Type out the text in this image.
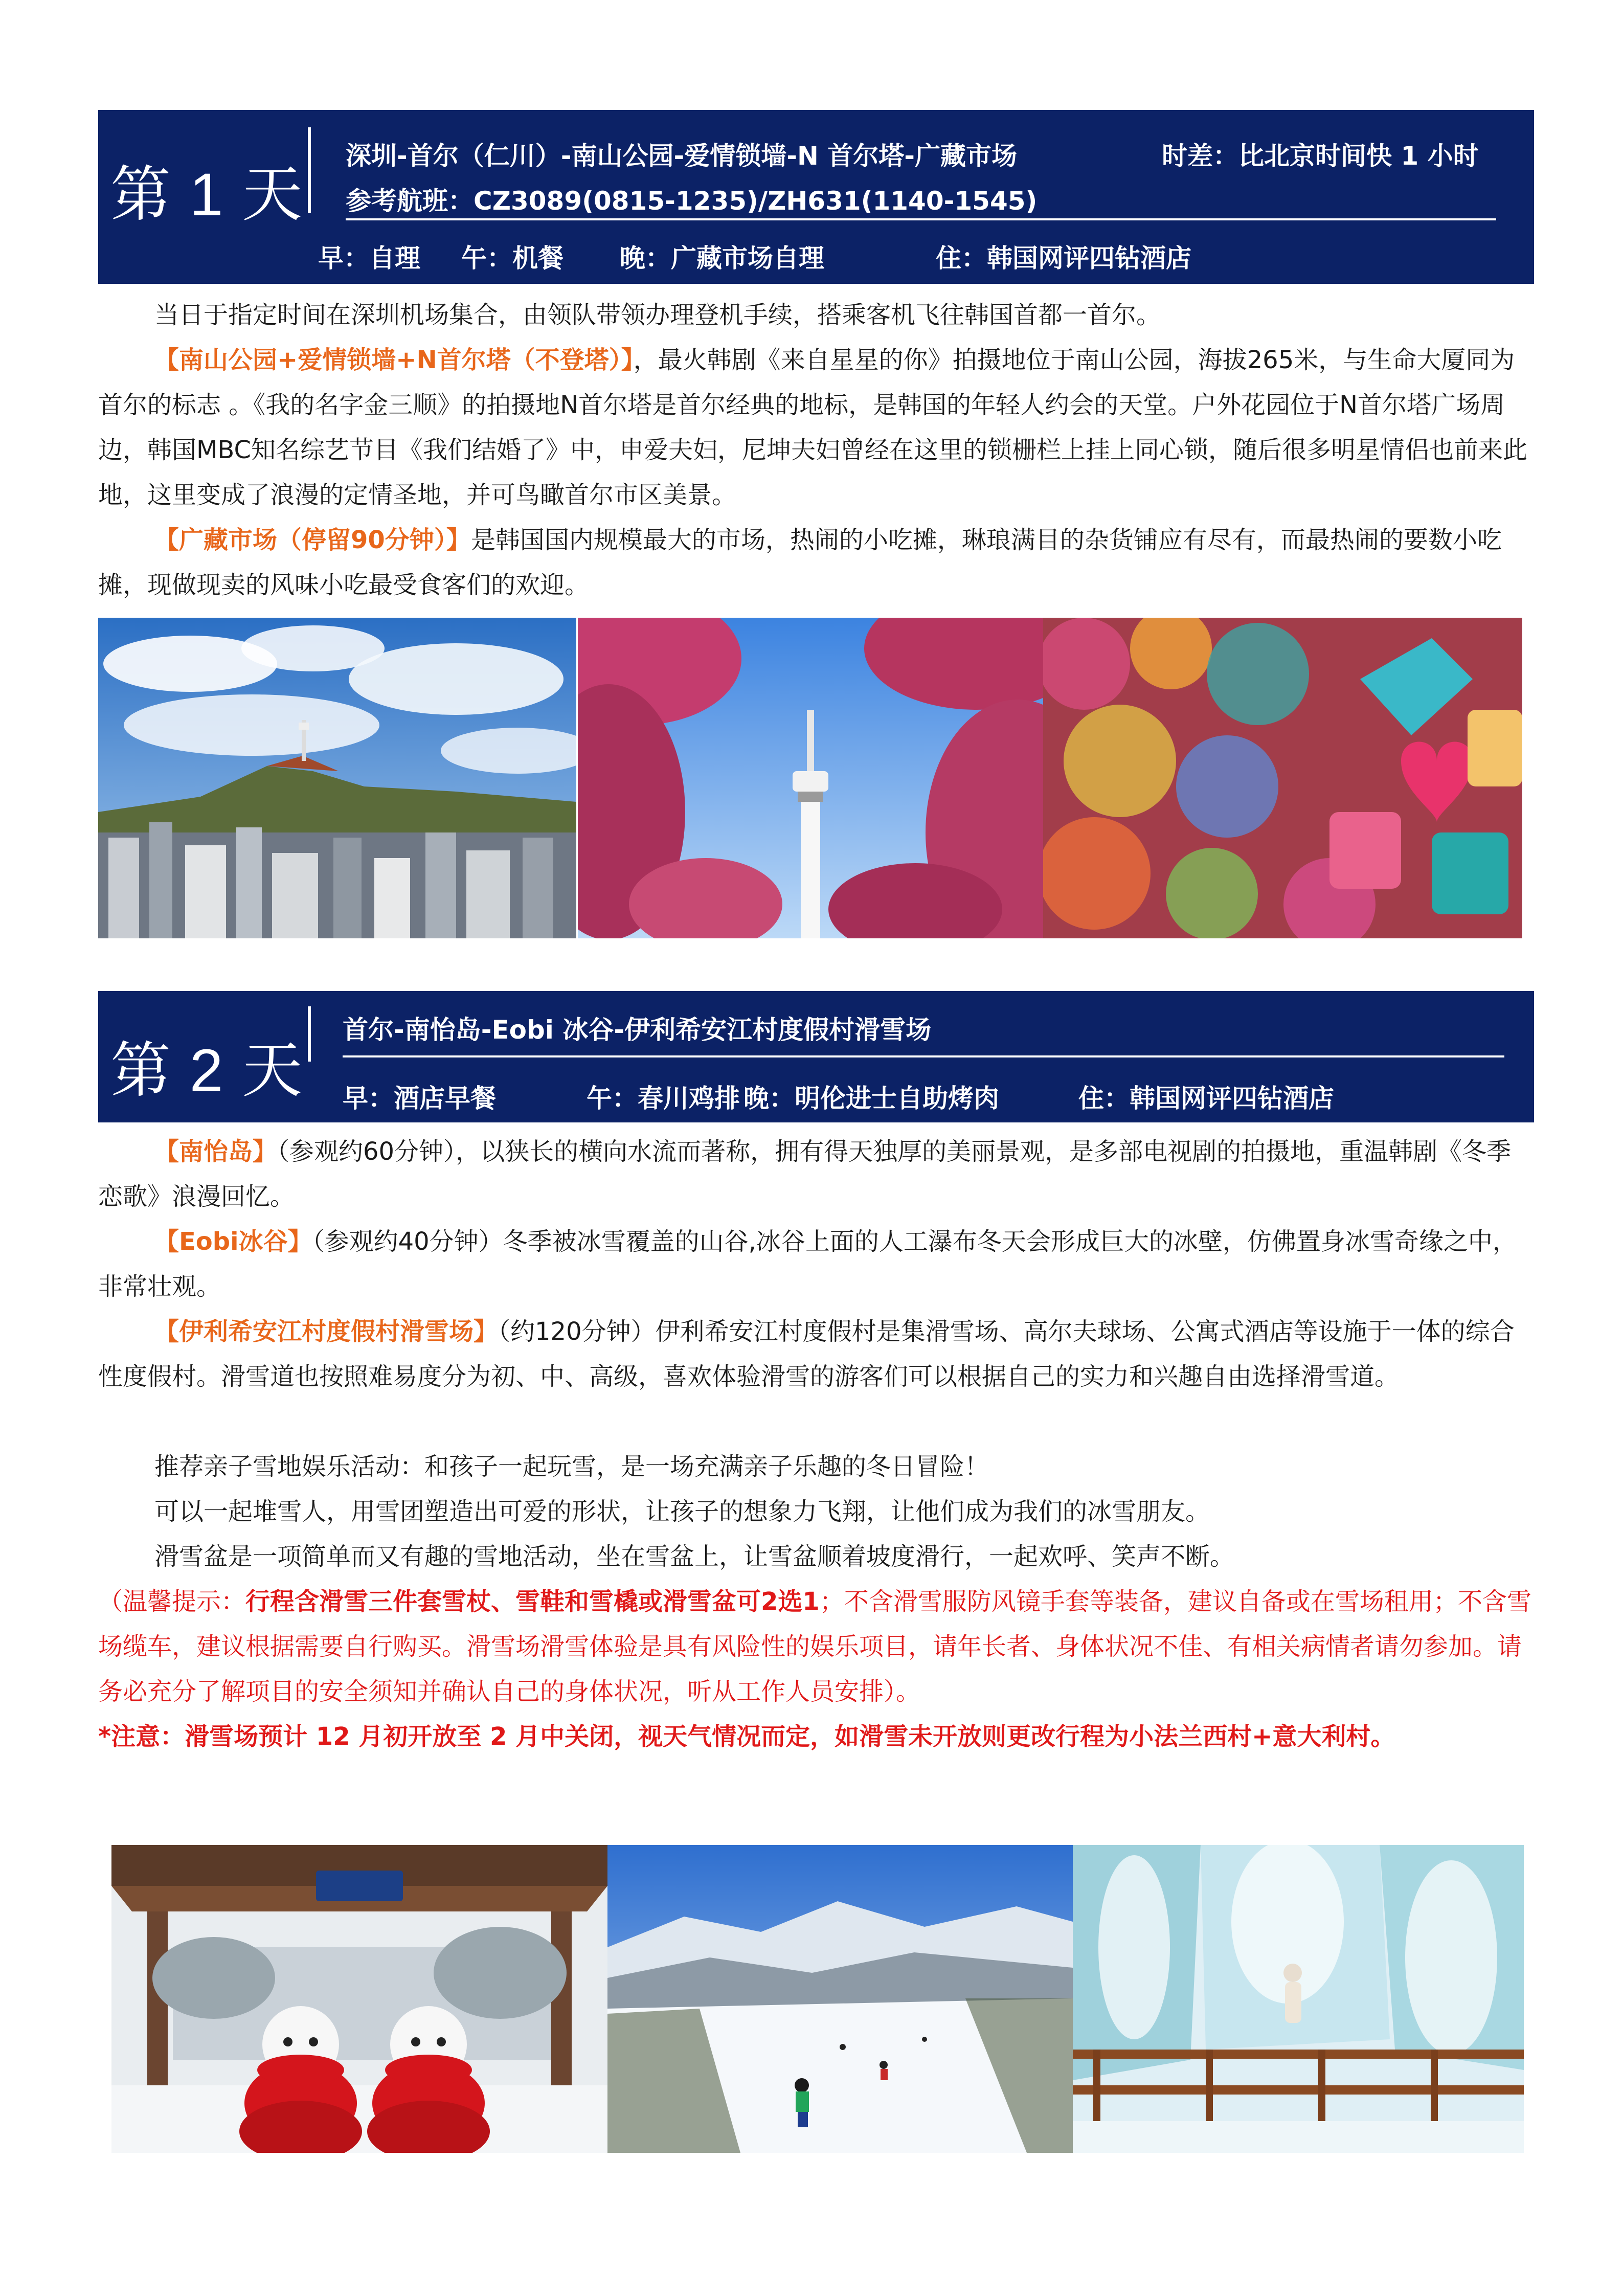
第 1 天
深圳-首尔（仁川）-南山公园-爱情锁墙-N 首尔塔-广藏市场	时差：比北京时间快 1 小时
参考航班：CZ3089(0815-1235)/ZH631(1140-1545)
早：自理 午：机餐 晚：广藏市场自理	住：韩国网评四钻酒店

当日于指定时间在深圳机场集合，由领队带领办理登机手续，搭乘客机飞往韩国首都一首尔。

【南山公园+爱情锁墙+N首尔塔（不登塔）】，最火韩剧《来自星星的你》拍摄地位于南山公园，海拔265米，与生命大厦同为首尔的标志 。《我的名字金三顺》的拍摄地N首尔塔是首尔经典的地标，是韩国的年轻人约会的天堂。户外花园位于N首尔塔广场周边，韩国MBC知名综艺节目《我们结婚了》中，申爱夫妇，尼坤夫妇曾经在这里的锁栅栏上挂上同心锁，随后很多明星情侣也前来此地，这里变成了浪漫的定情圣地，并可鸟瞰首尔市区美景。

【广藏市场（停留90分钟）】是韩国国内规模最大的市场，热闹的小吃摊，琳琅满目的杂货铺应有尽有，而最热闹的要数小吃摊，现做现卖的风味小吃最受食客们的欢迎。

第 2 天
首尔-南怡岛-Eobi 冰谷-伊利希安江村度假村滑雪场
早：酒店早餐	午：春川鸡排 晚：明伦进士自助烤肉	住：韩国网评四钻酒店

【南怡岛】（参观约60分钟），以狭长的横向水流而著称，拥有得天独厚的美丽景观，是多部电视剧的拍摄地，重温韩剧《冬季恋歌》浪漫回忆。

【Eobi冰谷】（参观约40分钟）冬季被冰雪覆盖的山谷,冰谷上面的人工瀑布冬天会形成巨大的冰壁，仿佛置身冰雪奇缘之中，非常壮观。

【伊利希安江村度假村滑雪场】（约120分钟）伊利希安江村度假村是集滑雪场、高尔夫球场、公寓式酒店等设施于一体的综合性度假村。滑雪道也按照难易度分为初、中、高级，喜欢体验滑雪的游客们可以根据自己的实力和兴趣自由选择滑雪道。

推荐亲子雪地娱乐活动：和孩子一起玩雪，是一场充满亲子乐趣的冬日冒险！

可以一起堆雪人，用雪团塑造出可爱的形状，让孩子的想象力飞翔，让他们成为我们的冰雪朋友。

滑雪盆是一项简单而又有趣的雪地活动，坐在雪盆上，让雪盆顺着坡度滑行，一起欢呼、笑声不断。

（温馨提示：行程含滑雪三件套雪杖、雪鞋和雪橇或滑雪盆可2选1；不含滑雪服防风镜手套等装备，建议自备或在雪场租用；不含雪场缆车，建议根据需要自行购买。滑雪场滑雪体验是具有风险性的娱乐项目，请年长者、身体状况不佳、有相关病情者请勿参加。请务必充分了解项目的安全须知并确认自己的身体状况，听从工作人员安排）。

*注意：滑雪场预计 12 月初开放至 2 月中关闭，视天气情况而定，如滑雪未开放则更改行程为小法兰西村+意大利村。
